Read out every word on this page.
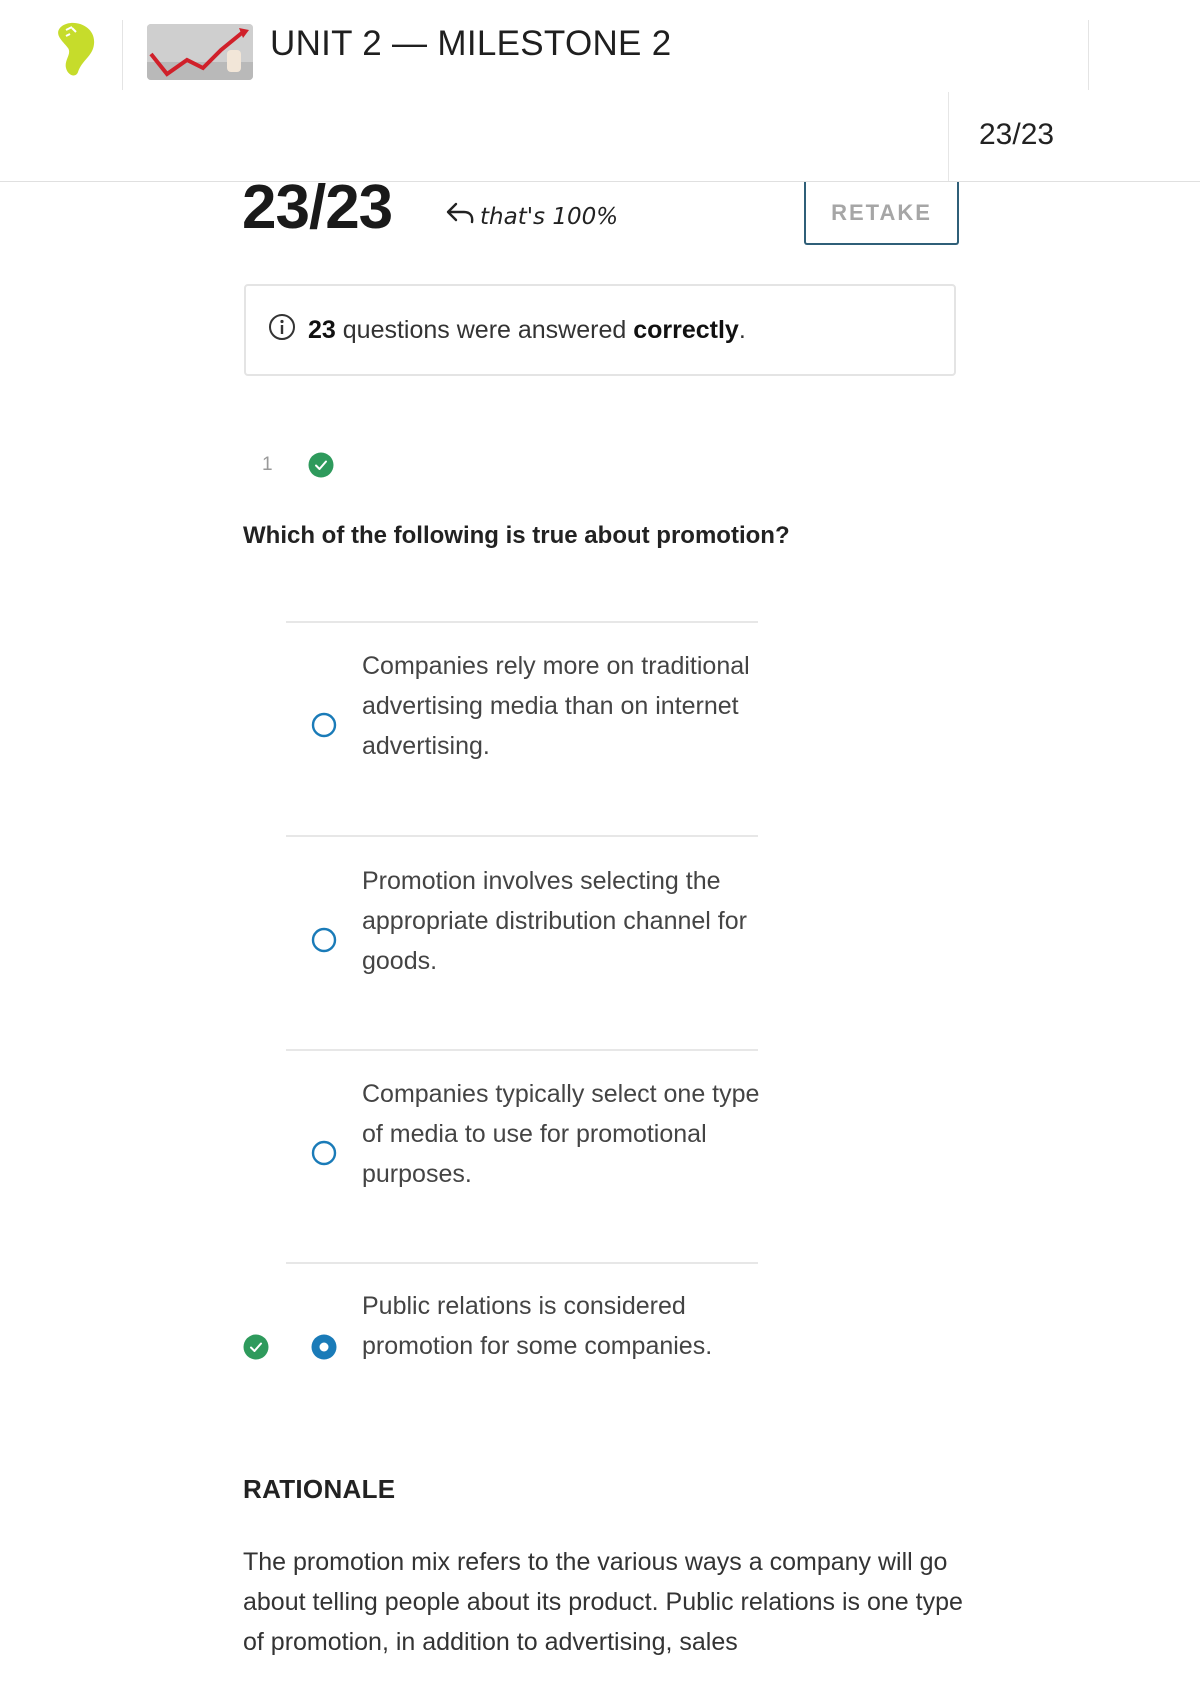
UNIT 2 — MILESTONE 2
23/23
23/23	that's 100%	RETAKE
23 questions were answered correctly.
1
Which of the following is true about promotion?
Companies rely more on traditional advertising media than on internet advertising.
Promotion involves selecting the appropriate distribution channel for goods.
Companies typically select one type of media to use for promotional purposes.
Public relations is considered promotion for some companies.
RATIONALE
The promotion mix refers to the various ways a company will go about telling people about its product. Public relations is one type of promotion, in addition to advertising, sales
